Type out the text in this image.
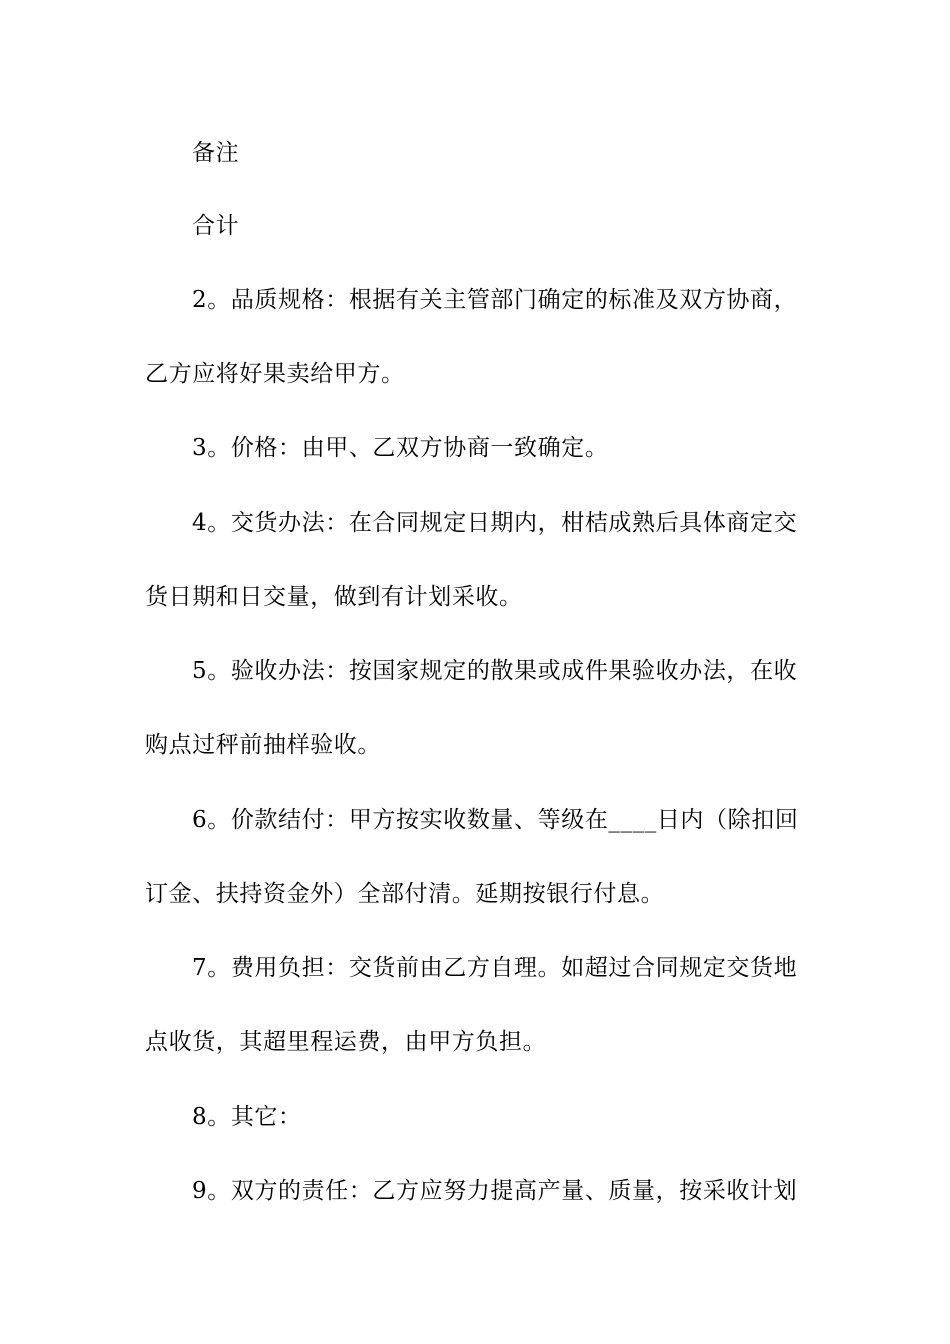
备注
合计
2。品质规格：根据有关主管部门确定的标准及双方协商，
乙方应将好果卖给甲方。
3。价格：由甲、乙双方协商一致确定。
4。交货办法：在合同规定日期内，柑桔成熟后具体商定交
货日期和日交量，做到有计划采收。
5。验收办法：按国家规定的散果或成件果验收办法，在收
购点过秤前抽样验收。
6。价款结付：甲方按实收数量、等级在____日内（除扣回
订金、扶持资金外）全部付清。延期按银行付息。
7。费用负担：交货前由乙方自理。如超过合同规定交货地
点收货，其超里程运费，由甲方负担。
8。其它：
9。双方的责任：乙方应努力提高产量、质量，按采收计划
